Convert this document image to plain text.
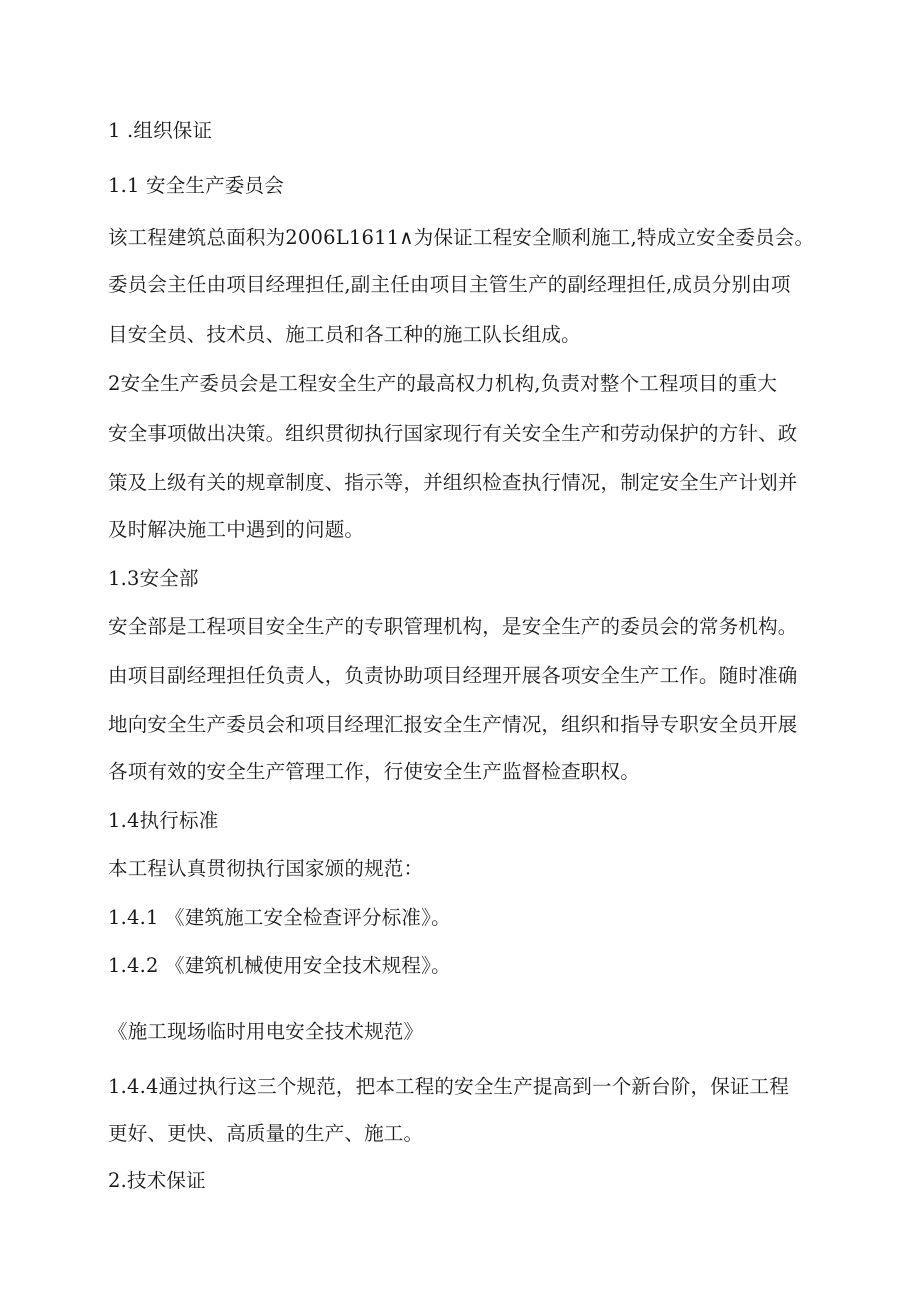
1 .组织保证
1.1 安全生产委员会
该工程建筑总面积为2006L1611∧为保证工程安全顺利施工,特成立安全委员会。
委员会主任由项目经理担任,副主任由项目主管生产的副经理担任,成员分别由项
目安全员、技术员、施工员和各工种的施工队长组成。
2安全生产委员会是工程安全生产的最高权力机构,负责对整个工程项目的重大
安全事项做出决策。组织贯彻执行国家现行有关安全生产和劳动保护的方针、政
策及上级有关的规章制度、指示等，并组织检查执行情况，制定安全生产计划并
及时解决施工中遇到的问题。
1.3安全部
安全部是工程项目安全生产的专职管理机构，是安全生产的委员会的常务机构。
由项目副经理担任负责人，负责协助项目经理开展各项安全生产工作。随时准确
地向安全生产委员会和项目经理汇报安全生产情况，组织和指导专职安全员开展
各项有效的安全生产管理工作，行使安全生产监督检查职权。
1.4执行标准
本工程认真贯彻执行国家颁的规范：
1.4.1 《建筑施工安全检查评分标准》。
1.4.2 《建筑机械使用安全技术规程》。
《施工现场临时用电安全技术规范》
1.4.4通过执行这三个规范，把本工程的安全生产提高到一个新台阶，保证工程
更好、更快、高质量的生产、施工。
2.技术保证
